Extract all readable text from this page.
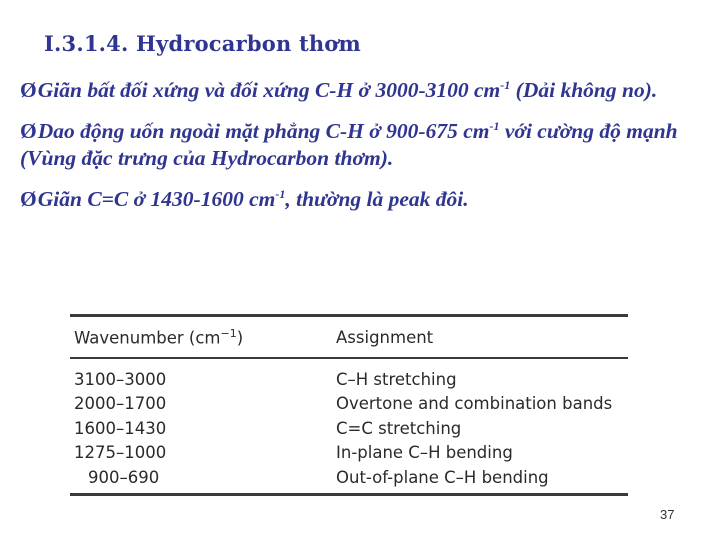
I.3.1.4. Hydrocarbon thơm
ØGiãn bất đối xứng và đối xứng C-H ở 3000-3100 $cm^{-1}$ (Dải không no).
ØDao động uốn ngoài mặt phẳng C-H ở 900-675 $cm^{-1}$ với cường độ mạnh (Vùng đặc trưng của Hydrocarbon thơm).
ØGiãn C=C ở 1430-1600 $cm^{-1}$, thường là peak đôi.
Wavenumber $(cm^{-1})$	Assignment
3100–3000	C–H stretching
2000–1700	Overtone and combination bands
1600–1430	C=C stretching
1275–1000	In-plane C–H bending
900–690	Out-of-plane C–H bending
37
